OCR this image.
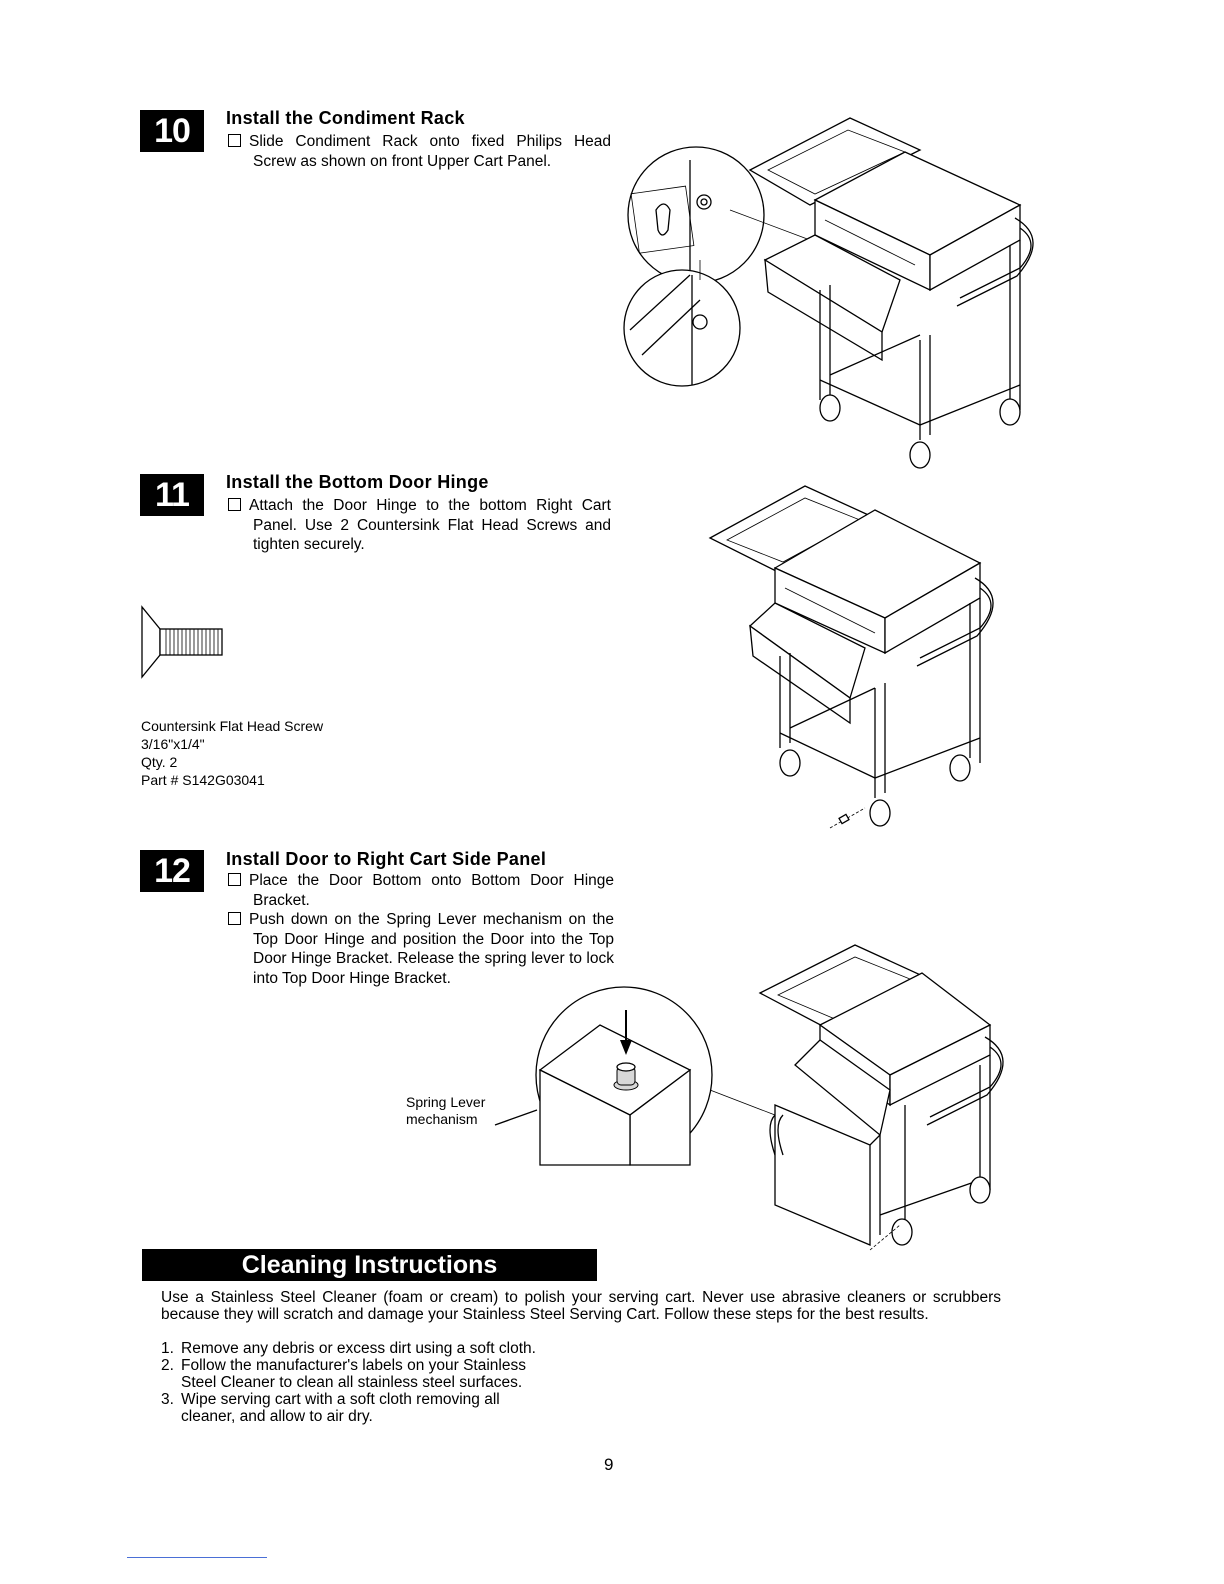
10	Install the Condiment Rack
Slide Condiment Rack onto fixed Philips Head Screw as shown on front Upper Cart Panel.
11	Install the Bottom Door Hinge
Attach the Door Hinge to the bottom Right Cart Panel. Use 2 Countersink Flat Head Screws and tighten securely.
Countersink Flat Head Screw
3/16"x1/4"
Qty. 2
Part # S142G03041
12	Install Door to Right Cart Side Panel
Place the Door Bottom onto Bottom Door Hinge Bracket.
Push down on the Spring Lever mechanism on the Top Door Hinge and position the Door into the Top Door Hinge Bracket. Release the spring lever to lock into Top Door Hinge Bracket.
Spring Lever
mechanism
Cleaning Instructions
Use a Stainless Steel Cleaner (foam or cream) to polish your serving cart. Never use abrasive cleaners or scrubbers because they will scratch and damage your Stainless Steel Serving Cart. Follow these steps for the best results.
1. Remove any debris or excess dirt using a soft cloth.
2. Follow the manufacturer's labels on your Stainless Steel Cleaner to clean all stainless steel surfaces.
3. Wipe serving cart with a soft cloth removing all cleaner, and allow to air dry.
9
